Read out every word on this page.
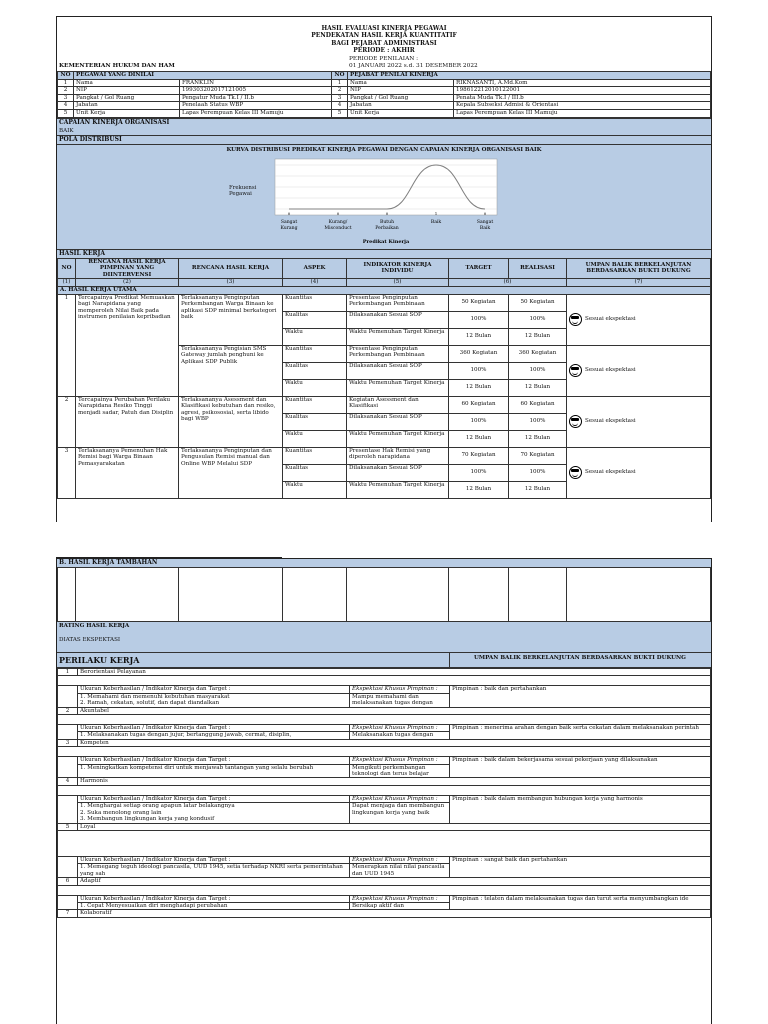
HASIL EVALUASI KINERJA PEGAWAI
PENDEKATAN HASIL KERJA KUANTITATIF
BAGI PEJABAT ADMINISTRASI
PERIODE : AKHIR
PERIODE PENILAIAN :
01 JANUARI 2022 s.d. 31 DESEMBER 2022
KEMENTERIAN HUKUM DAN HAM
NO	PEGAWAI YANG DINILAI		NO	PEJABAT PENILAI KINERJA	
1	Nama	FRANKLIN	1	Nama	RIKNASANTI, A.Md.Kom
2	NIP	199303202017121005	2	NIP	198612212010122001
3	Pangkat / Gol Ruang	Pengatur Muda Tk.I / II.b	3	Pangkat / Gol Ruang	Penata Muda Tk.I / III.b
4	Jabatan	Penelaah Status WBP	4	Jabatan	Kepala Subseksi Admisi & Orientasi
5	Unit Kerja	Lapas Perempuan Kelas III Mamuju	5	Unit Kerja	Lapas Perempuan Kelas III Mamuju
CAPAIAN KINERJA ORGANISASI
BAIK
POLA DISTRIBUSI
KURVA DISTRIBUSI PREDIKAT KINERJA PEGAWAI DENGAN CAPAIAN KINERJA ORGANISASI BAIK
Frekuensi
Pegawai
0	0	0	1	0
Sangat
Kurang
Kurang/
Misconduct
Butuh
Perbaikan
Baik	Sangat
Baik
Predikat Kinerja
HASIL KERJA
NO	RENCANA HASIL KERJA PIMPINAN YANG DIINTERVENSI	RENCANA HASIL KERJA	ASPEK	INDIKATOR KINERJA INDIVIDU	TARGET	REALISASI	UMPAN BALIK BERKELANJUTAN BERDASARKAN BUKTI DUKUNG
(1)	(2)	(3)	(4)	(5)	(6)		(7)
A. HASIL KERJA UTAMA							
1	Tercapainya Predikat Memuaskan bagi Narapidana yang memperoleh Nilai Baik pada instrumen penilaian kepribadian	Terlaksananya Penginputan Perkembangan Warga Binaan ke aplikasi SDP minimal berkategori baik	Kuantitas	Presentase Penginputan Perkembangan Pembinaan	50 Kegiatan	50 Kegiatan	Sesuai ekspektasi

			Kualitas	Dilaksanakan Sesuai SOP	100%	100%	
			Waktu	Waktu Pemenuhan Target Kinerja	12 Bulan	12 Bulan	
		Terlaksananya Pengisian SMS Gateway jumlah penghuni ke Aplikasi SDP Publik	Kuantitas	Presentase Penginputan Perkembangan Pembinaan	360 Kegiatan	360 Kegiatan	Sesuai ekspektasi

			Kualitas	Dilaksanakan Sesuai SOP	100%	100%	
			Waktu	Waktu Pemenuhan Target Kinerja	12 Bulan	12 Bulan	
2	Tercapainya Perubahan Perilaku Narapidana Resiko Tinggi menjadi sadar, Patuh dan Disiplin	Terlaksananya Asessment dan Klasifikasi kebutuhan dan resiko, agresi, psikososial, serta libido bagi WBP	Kuantitas	Kegiatan Asessment dan Klasifikasi	60 Kegiatan	60 Kegiatan	Sesuai ekspektasi

			Kualitas	Dilaksanakan Sesuai SOP	100%	100%	
			Waktu	Waktu Pemenuhan Target Kinerja	12 Bulan	12 Bulan	
3	Terlaksananya Pemenuhan Hak Remisi bagi Warga Binaan Pemasyarakatan	Terlaksananya Penginputan dan Pengusulan Remisi manual dan Online WBP Melalui SDP	Kuantitas	Presentase Hak Remisi yang diperoleh narapidana	70 Kegiatan	70 Kegiatan	Sesuai ekspektasi

			Kualitas	Dilaksanakan Sesuai SOP	100%	100%	
			Waktu	Waktu Pemenuhan Target Kinerja	12 Bulan	12 Bulan	
B. HASIL KERJA TAMBAHAN

RATING HASIL KERJA
DIATAS EKSPEKTASI
PERILAKU KERJA	UMPAN BALIK BERKELANJUTAN BERDASARKAN BUKTI DUKUNG
1	Berorientasi Pelayanan		

	Ukuran Keberhasilan / Indikator Kinerja dan Target :	Ekspektasi Khusus Pimpinan :	Pimpinan : baik dan pertahankan

	1. Memahami dan memenuhi kebutuhan masyarakat
2. Ramah, cekatan, solutif, dan dapat diandalkan	Mampu memahami dan melaksanakan tugas dengan	
2	Akuntabel		

	Ukuran Keberhasilan / Indikator Kinerja dan Target :	Ekspektasi Khusus Pimpinan :	Pimpinan : menerima arahan dengan baik serta cekatan dalam melaksanakan perintah

	1. Melaksanakan tugas dengan jujur, bertanggung jawab, cermat, disiplin,	Melaksanakan tugas dengan	
3	Kompeten		

	Ukuran Keberhasilan / Indikator Kinerja dan Target :	Ekspektasi Khusus Pimpinan :	Pimpinan : baik dalam bekerjasama sesuai pekerjaan yang dilaksanakan

	1. Meningkatkan kompetensi diri untuk menjawab tantangan yang selalu berubah	Mengikuti perkembangan teknologi dan terus belajar	
4	Harmonis		

	Ukuran Keberhasilan / Indikator Kinerja dan Target :	Ekspektasi Khusus Pimpinan :	Pimpinan : baik dalam membangun hubungan kerja yang harmonis

	1. Menghargai setiap orang apapun latar belakangnya
2. Suka menolong orang lain
3. Membangun lingkungan kerja yang kondusif	Dapat menjaga dan membangun lingkungan kerja yang baik	
5	Loyal		

	Ukuran Keberhasilan / Indikator Kinerja dan Target :	Ekspektasi Khusus Pimpinan :	Pimpinan : sangat baik dan pertahankan

	1. Memegang teguh ideologi pancasila, UUD 1945, setia terhadap NKRI serta pemerintahan yang sah	Menerapkan nilai nilai pancasila dan UUD 1945	
6	Adaptif		

	Ukuran Keberhasilan / Indikator Kinerja dan Target :	Ekspektasi Khusus Pimpinan :	Pimpinan : telaten dalam melaksanakan tugas dan turut serta menyumbangkan ide

	1. Cepat Menyesuaikan diri menghadapi perubahan	Bersikap aktif dan	
7	Kolaboratif		
